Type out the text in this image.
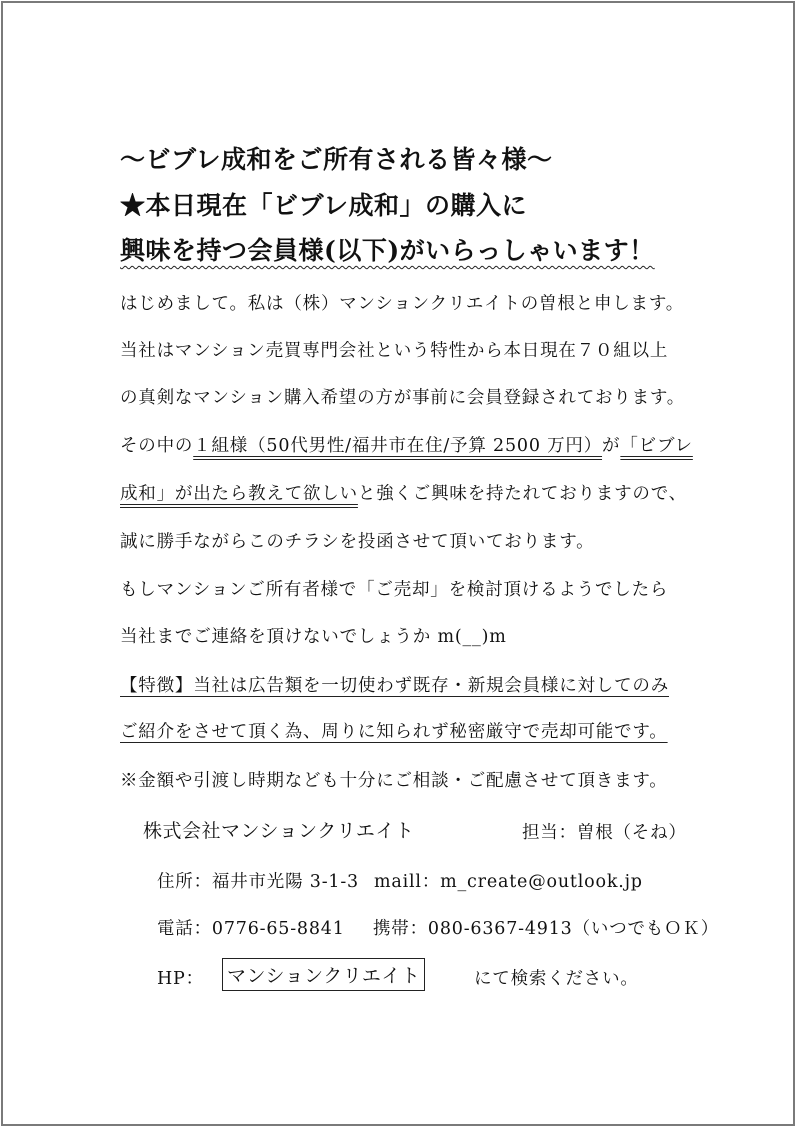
～ビブレ成和をご所有される皆々様～
★本日現在「ビブレ成和」の購入に
興味を持つ会員様(以下)がいらっしゃいます！
はじめまして。私は（株）マンションクリエイトの曽根と申します。
当社はマンション売買専門会社という特性から本日現在７０組以上
の真剣なマンション購入希望の方が事前に会員登録されております。
その中の１組様（50代男性/福井市在住/予算 2500 万円）が「ビブレ
成和」が出たら教えて欲しいと強くご興味を持たれておりますので、
誠に勝手ながらこのチラシを投函させて頂いております。
もしマンションご所有者様で「ご売却」を検討頂けるようでしたら
当社までご連絡を頂けないでしょうか m(__)m
【特徴】当社は広告類を一切使わず既存・新規会員様に対してのみ
ご紹介をさせて頂く為、周りに知られず秘密厳守で売却可能です。
※金額や引渡し時期なども十分にご相談・ご配慮させて頂きます。
株式会社マンションクリエイト	担当：曽根（そね）
住所：福井市光陽 3-1-3 maill：m_create@outlook.jp
電話：0776-65-8841 携帯：080-6367-4913（いつでもＯＫ）
HP： マンションクリエイト	にて検索ください。
